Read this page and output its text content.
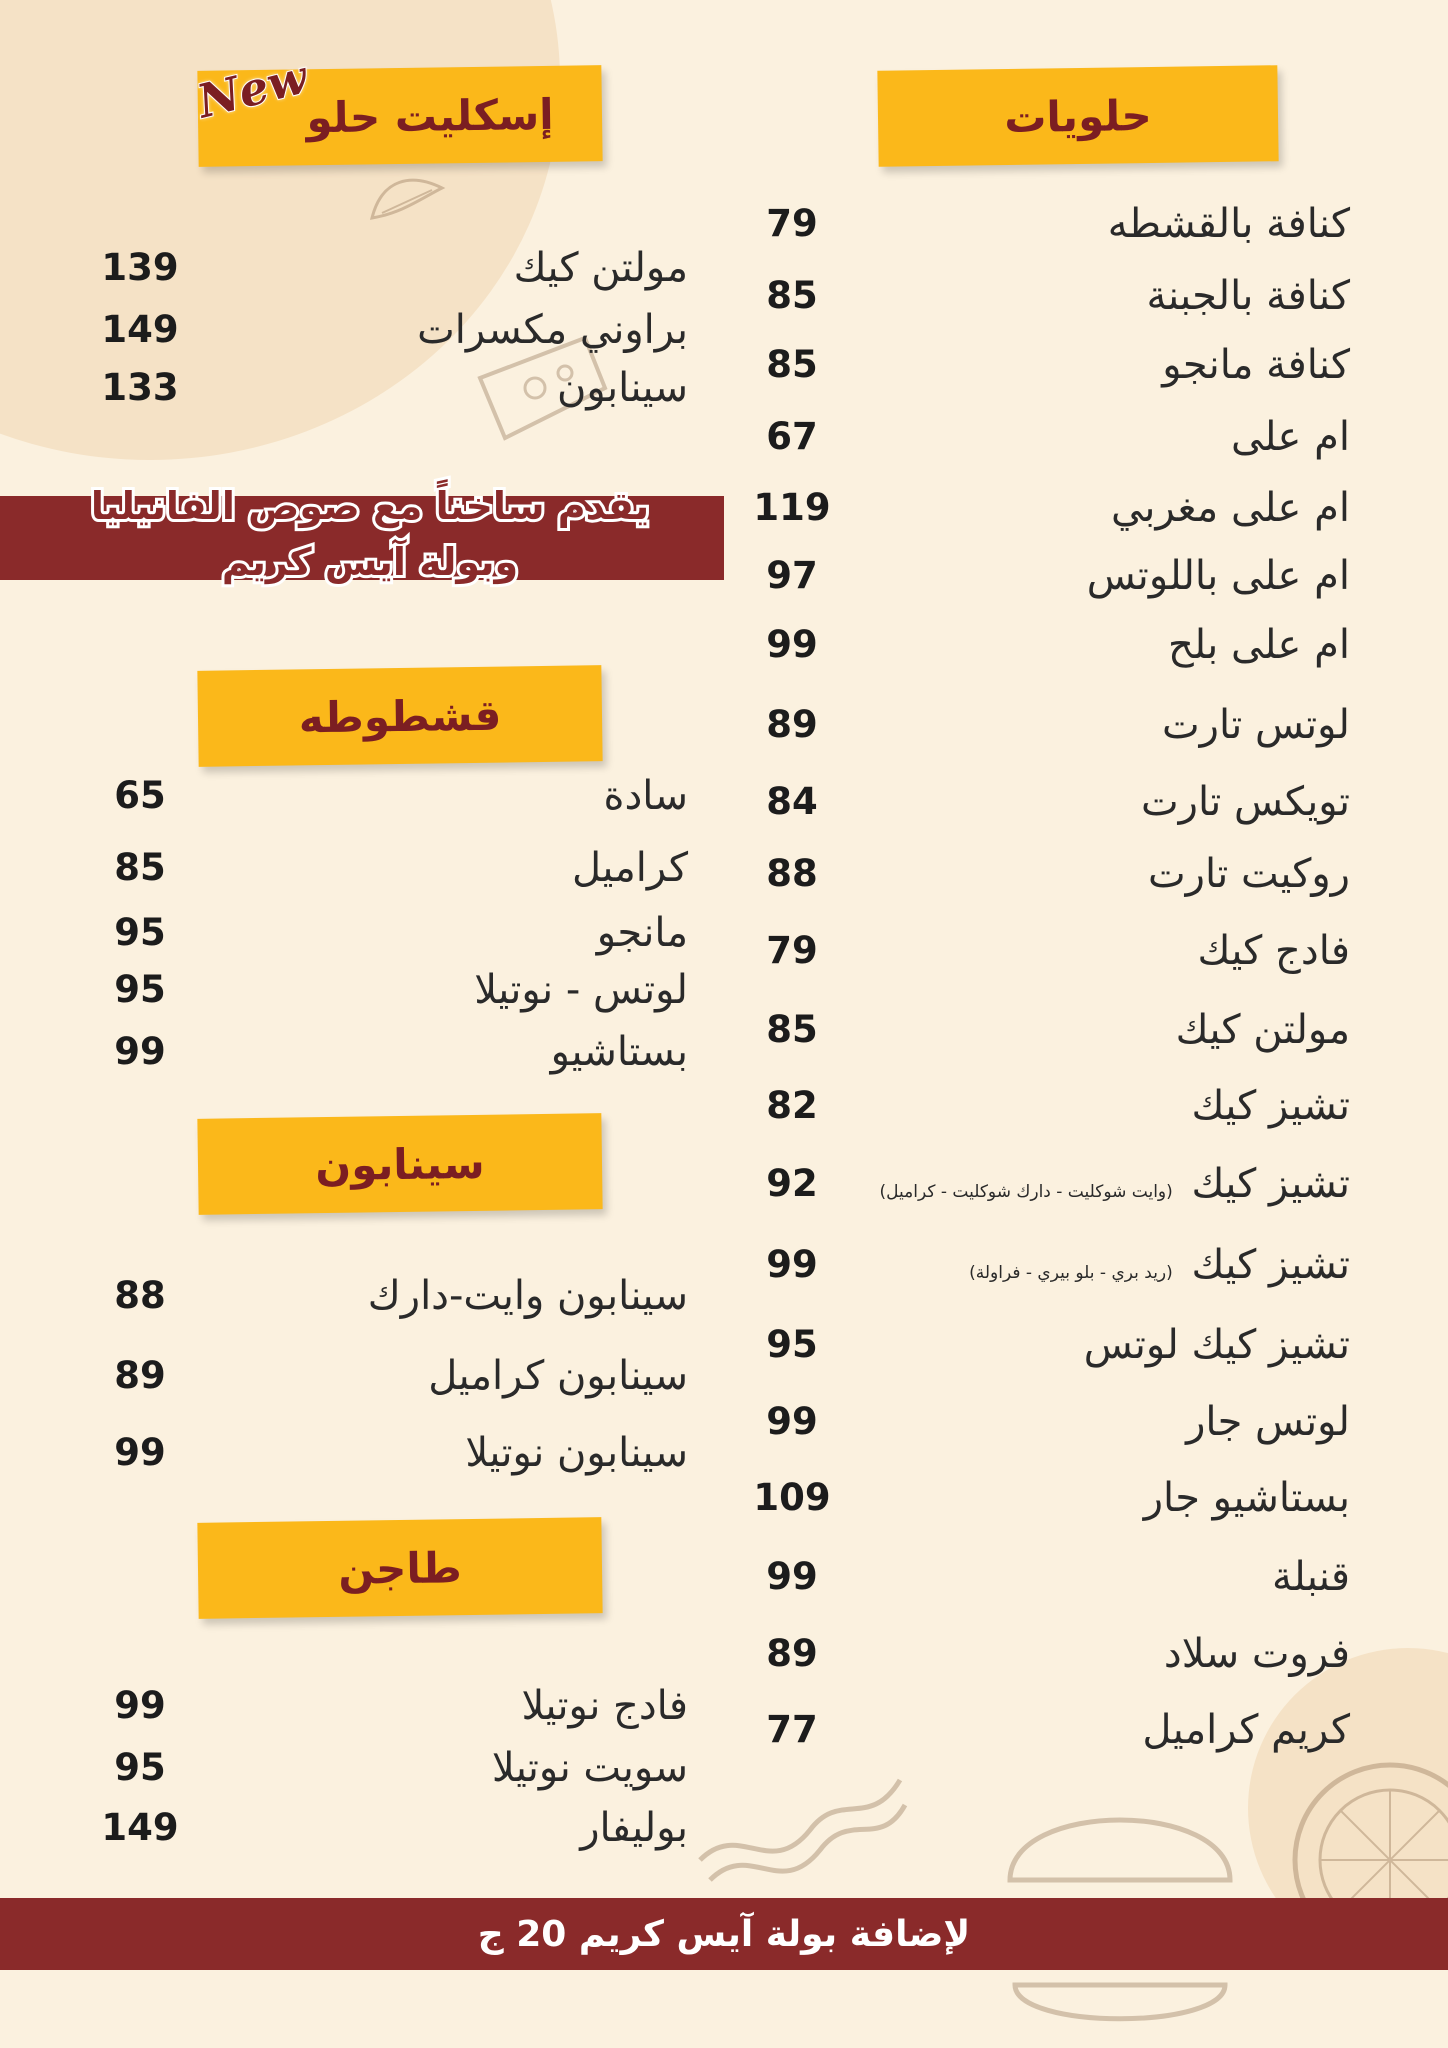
حلويات
إسكليت حلو
New
قشطوطه
سينابون
طاجن
يقدم ساخناً مع صوص الفانيليا
وبولة آيس كريم
كنافة بالقشطه
79
كنافة بالجبنة
85
كنافة مانجو
85
ام على
67
ام على مغربي
119
ام على باللوتس
97
ام على بلح
99
لوتس تارت
89
تويكس تارت
84
روكيت تارت
88
فادج كيك
79
مولتن كيك
85
تشيز كيك
82
تشيز كيك (وايت شوكليت - دارك شوكليت - كراميل)
92
تشيز كيك (ريد بري - بلو بيري - فراولة)
99
تشيز كيك لوتس
95
لوتس جار
99
بستاشيو جار
109
قنبلة
99
فروت سلاد
89
كريم كراميل
77
مولتن كيك
139
براوني مكسرات
149
سينابون
133
سادة
65
كراميل
85
مانجو
95
لوتس - نوتيلا
95
بستاشيو
99
سينابون وايت-دارك
88
سينابون كراميل
89
سينابون نوتيلا
99
فادج نوتيلا
99
سويت نوتيلا
95
بوليفار
149
لإضافة بولة آيس كريم 20 ج
